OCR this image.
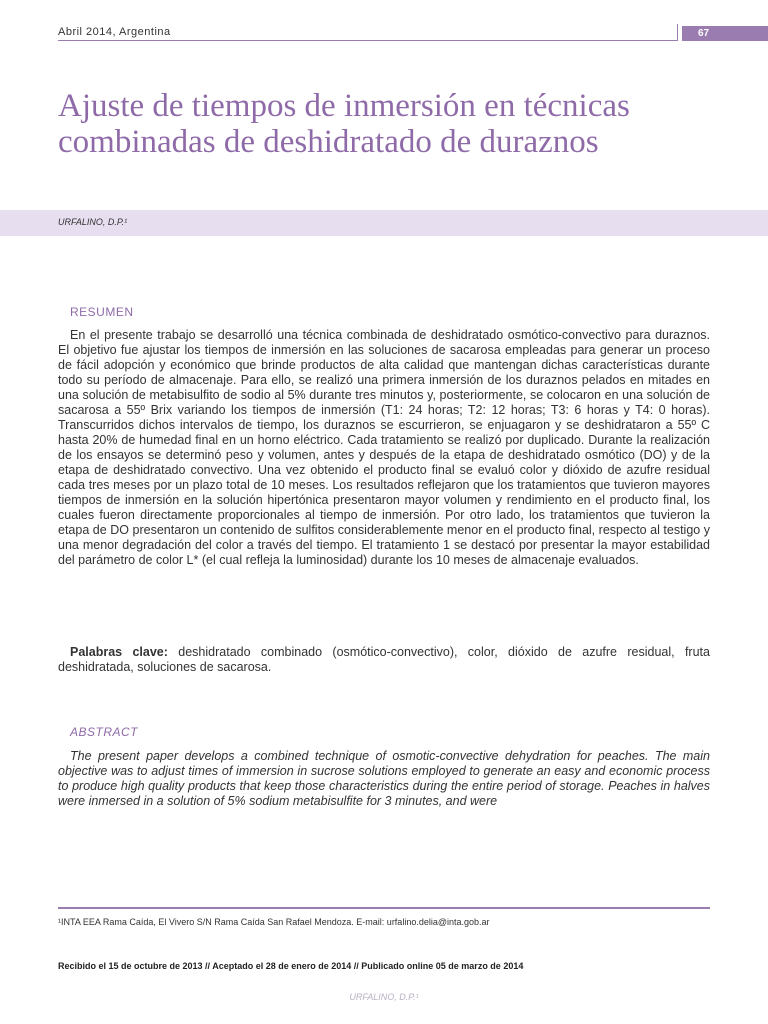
Abril 2014, Argentina	67
Ajuste de tiempos de inmersión en técnicas combinadas de deshidratado de duraznos
URFALINO, D.P.¹
RESUMEN

En el presente trabajo se desarrolló una técnica combinada de deshidratado osmótico-convectivo para duraznos. El objetivo fue ajustar los tiempos de inmersión en las soluciones de sacarosa empleadas para generar un proceso de fácil adopción y económico que brinde productos de alta calidad que mantengan dichas características durante todo su período de almacenaje. Para ello, se realizó una primera inmersión de los duraznos pelados en mitades en una solución de metabisulfito de sodio al 5% durante tres minutos y, posteriormente, se colocaron en una solución de sacarosa a 55º Brix variando los tiempos de inmersión (T1: 24 horas; T2: 12 horas; T3: 6 horas y T4: 0 horas). Transcurridos dichos intervalos de tiempo, los duraznos se escurrieron, se enjuagaron y se deshidrataron a 55º C hasta 20% de humedad final en un horno eléctrico. Cada tratamiento se realizó por duplicado. Durante la realización de los ensayos se determinó peso y volumen, antes y después de la etapa de deshidratado osmótico (DO) y de la etapa de deshidratado convectivo. Una vez obtenido el producto final se evaluó color y dióxido de azufre residual cada tres meses por un plazo total de 10 meses. Los resultados reflejaron que los tratamientos que tuvieron mayores tiempos de inmersión en la solución hipertónica presentaron mayor volumen y rendimiento en el producto final, los cuales fueron directamente proporcionales al tiempo de inmersión. Por otro lado, los tratamientos que tuvieron la etapa de DO presentaron un contenido de sulfitos considerablemente menor en el producto final, respecto al testigo y una menor degradación del color a través del tiempo. El tratamiento 1 se destacó por presentar la mayor estabilidad del parámetro de color L* (el cual refleja la luminosidad) durante los 10 meses de almacenaje evaluados.

Palabras clave: deshidratado combinado (osmótico-convectivo), color, dióxido de azufre residual, fruta deshidratada, soluciones de sacarosa.

ABSTRACT

The present paper develops a combined technique of osmotic-convective dehydration for peaches. The main objective was to adjust times of immersion in sucrose solutions employed to generate an easy and economic process to produce high quality products that keep those characteristics during the entire period of storage. Peaches in halves were inmersed in a solution of 5% sodium metabisulfite for 3 minutes, and were

¹INTA EEA Rama Caída, El Vivero S/N Rama Caída San Rafael Mendoza. E-mail: urfalino.delia@inta.gob.ar
Recibido el 15 de octubre de 2013 // Aceptado el 28 de enero de 2014 // Publicado online 05 de marzo de 2014
URFALINO, D.P.¹
